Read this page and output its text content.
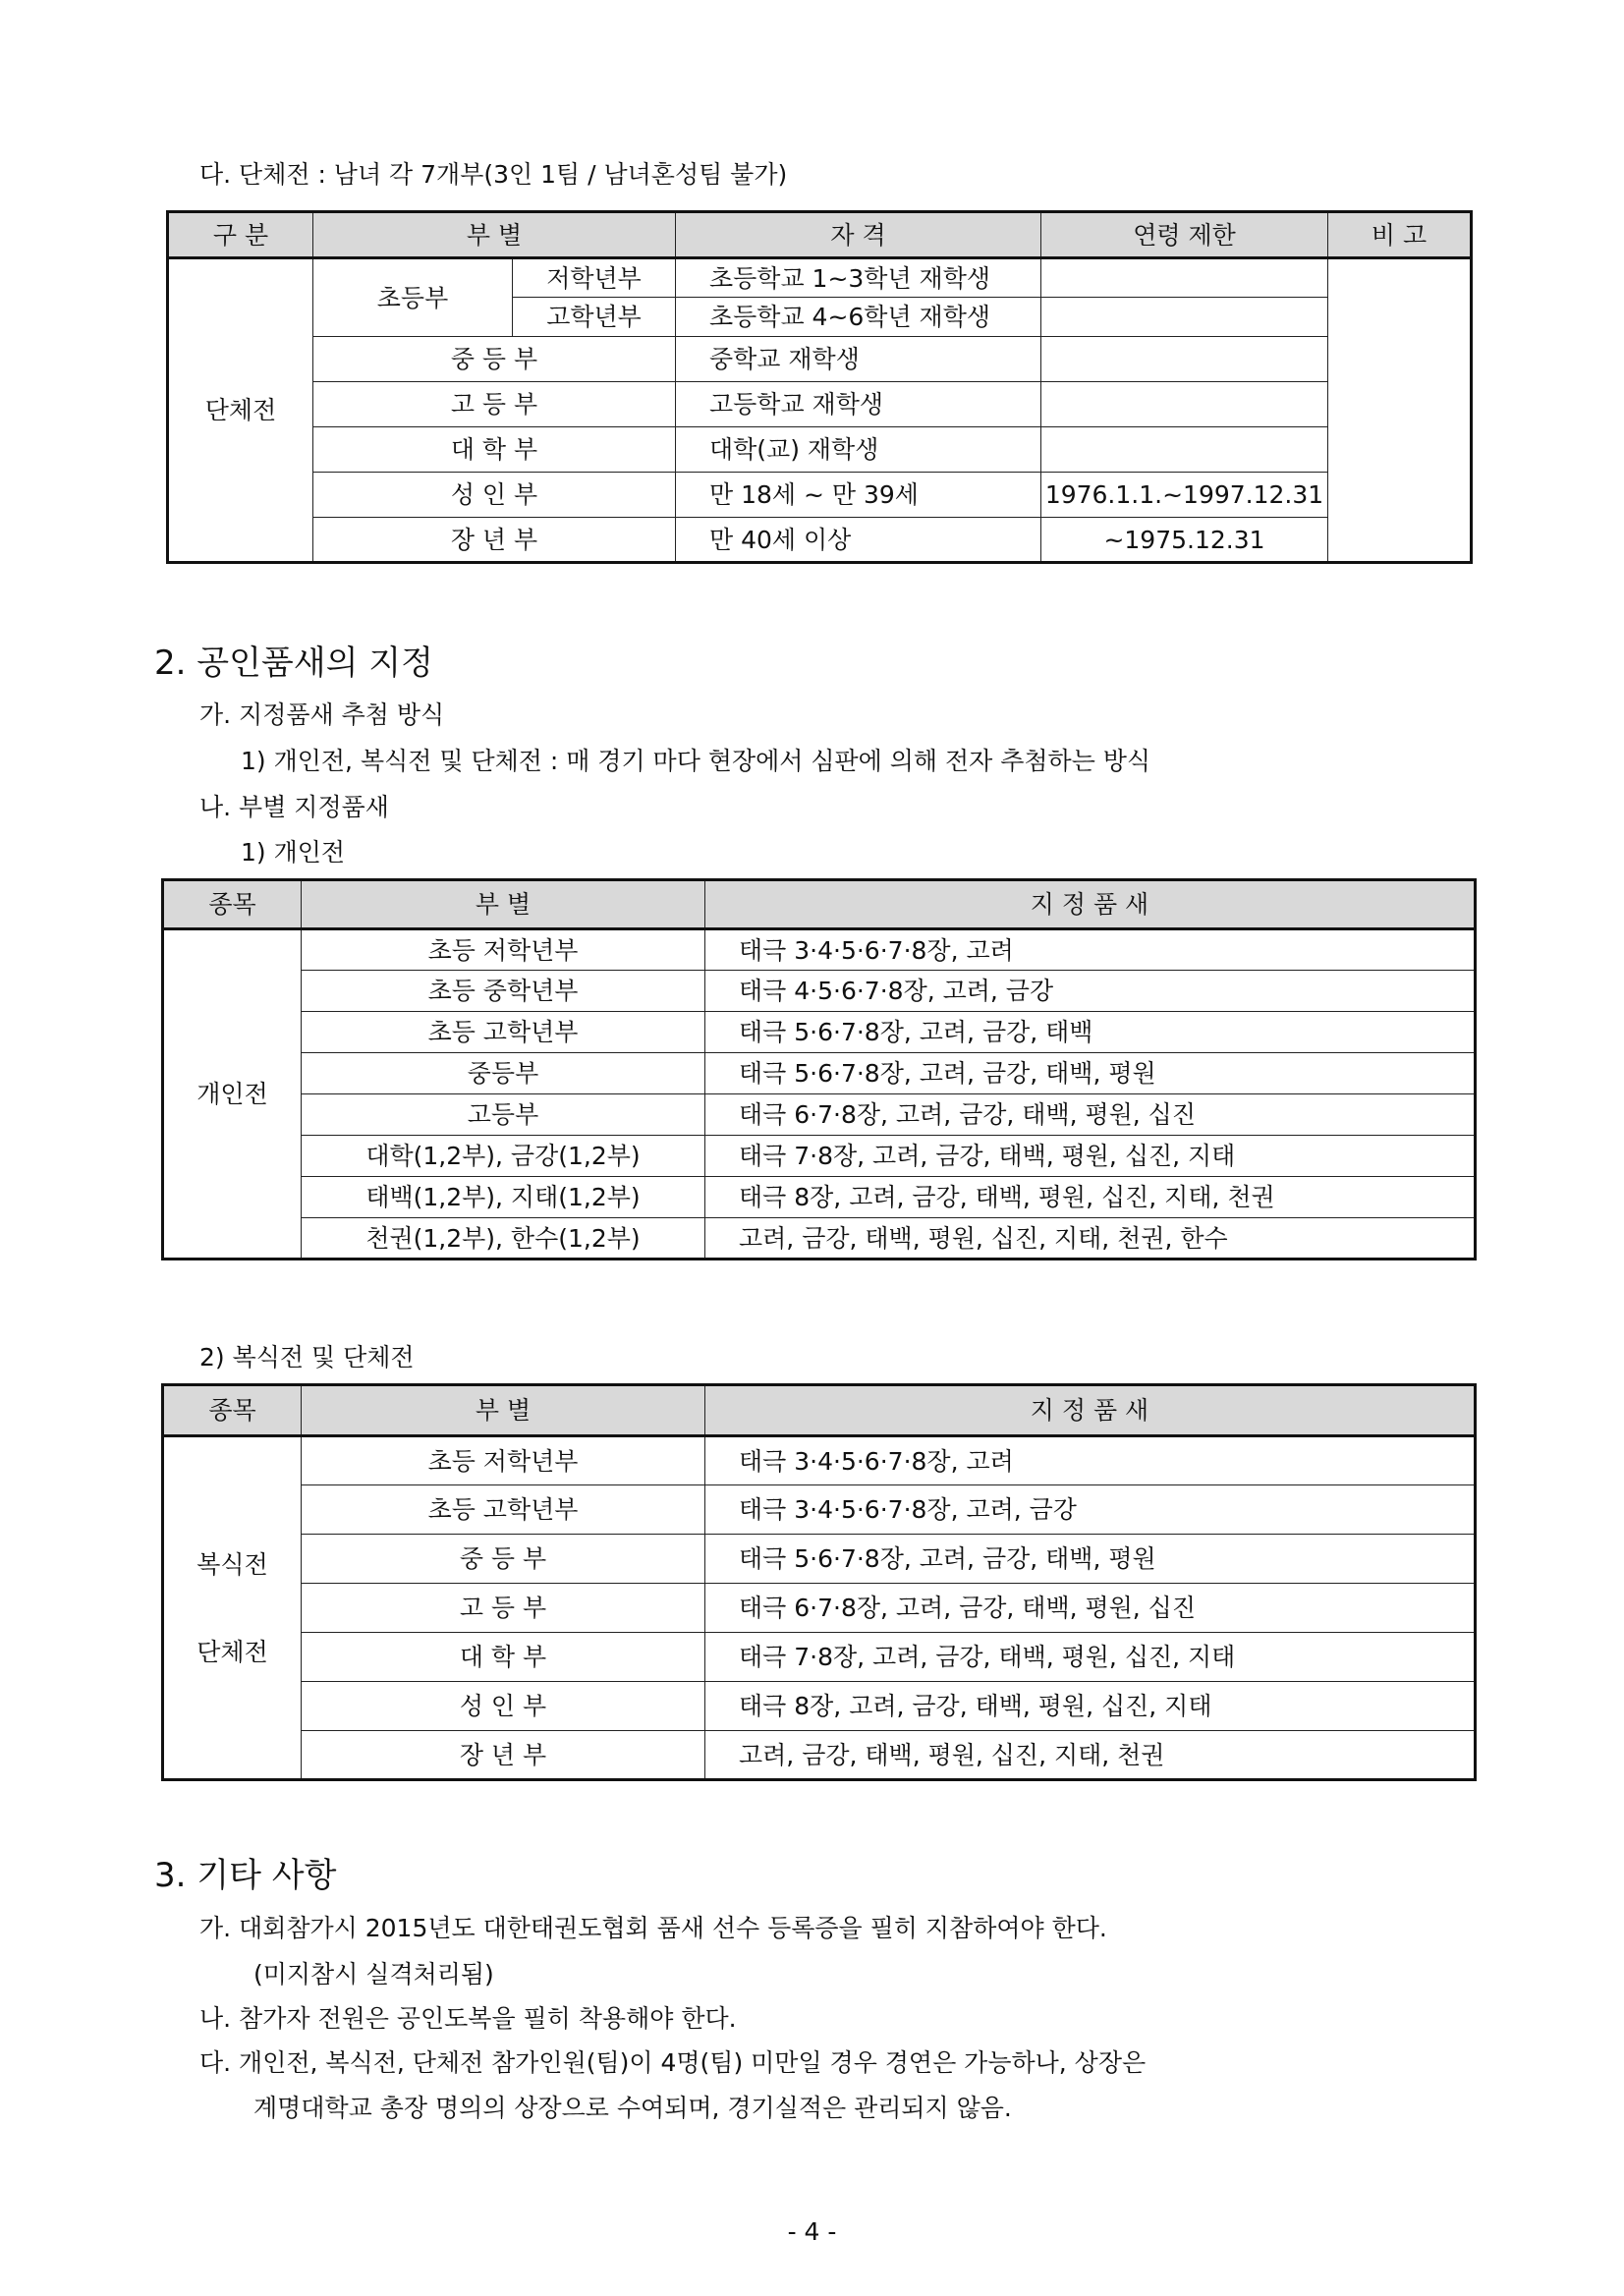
다. 단체전 : 남녀 각 7개부(3인 1팀 / 남녀혼성팀 불가)
구 분	부 별		자 격	연령 제한	비 고
단체전	초등부	저학년부	초등학교 1~3학년 재학생		
		고학년부	초등학교 4~6학년 재학생		
	중 등 부		중학교 재학생		
	고 등 부		고등학교 재학생		
	대 학 부		대학(교) 재학생		
	성 인 부		만 18세 ~ 만 39세	1976.1.1.~1997.12.31	
	장 년 부		만 40세 이상	~1975.12.31	
2. 공인품새의 지정
가. 지정품새 추첨 방식
1) 개인전, 복식전 및 단체전 : 매 경기 마다 현장에서 심판에 의해 전자 추첨하는 방식
나. 부별 지정품새
1) 개인전
종목	부 별	지 정 품 새
개인전	초등 저학년부	태극 3·4·5·6·7·8장, 고려
	초등 중학년부	태극 4·5·6·7·8장, 고려, 금강
	초등 고학년부	태극 5·6·7·8장, 고려, 금강, 태백
	중등부	태극 5·6·7·8장, 고려, 금강, 태백, 평원
	고등부	태극 6·7·8장, 고려, 금강, 태백, 평원, 십진
	대학(1,2부), 금강(1,2부)	태극 7·8장, 고려, 금강, 태백, 평원, 십진, 지태
	태백(1,2부), 지태(1,2부)	태극 8장, 고려, 금강, 태백, 평원, 십진, 지태, 천권
	천권(1,2부), 한수(1,2부)	고려, 금강, 태백, 평원, 십진, 지태, 천권, 한수
2) 복식전 및 단체전
종목	부 별	지 정 품 새

복식전
단체전	초등 저학년부	태극 3·4·5·6·7·8장, 고려
	초등 고학년부	태극 3·4·5·6·7·8장, 고려, 금강
	중 등 부	태극 5·6·7·8장, 고려, 금강, 태백, 평원
	고 등 부	태극 6·7·8장, 고려, 금강, 태백, 평원, 십진
	대 학 부	태극 7·8장, 고려, 금강, 태백, 평원, 십진, 지태
	성 인 부	태극 8장, 고려, 금강, 태백, 평원, 십진, 지태
	장 년 부	고려, 금강, 태백, 평원, 십진, 지태, 천권
3. 기타 사항
가. 대회참가시 2015년도 대한태권도협회 품새 선수 등록증을 필히 지참하여야 한다.
(미지참시 실격처리됨)
나. 참가자 전원은 공인도복을 필히 착용해야 한다.
다. 개인전, 복식전, 단체전 참가인원(팀)이 4명(팀) 미만일 경우 경연은 가능하나, 상장은
계명대학교 총장 명의의 상장으로 수여되며, 경기실적은 관리되지 않음.
- 4 -
